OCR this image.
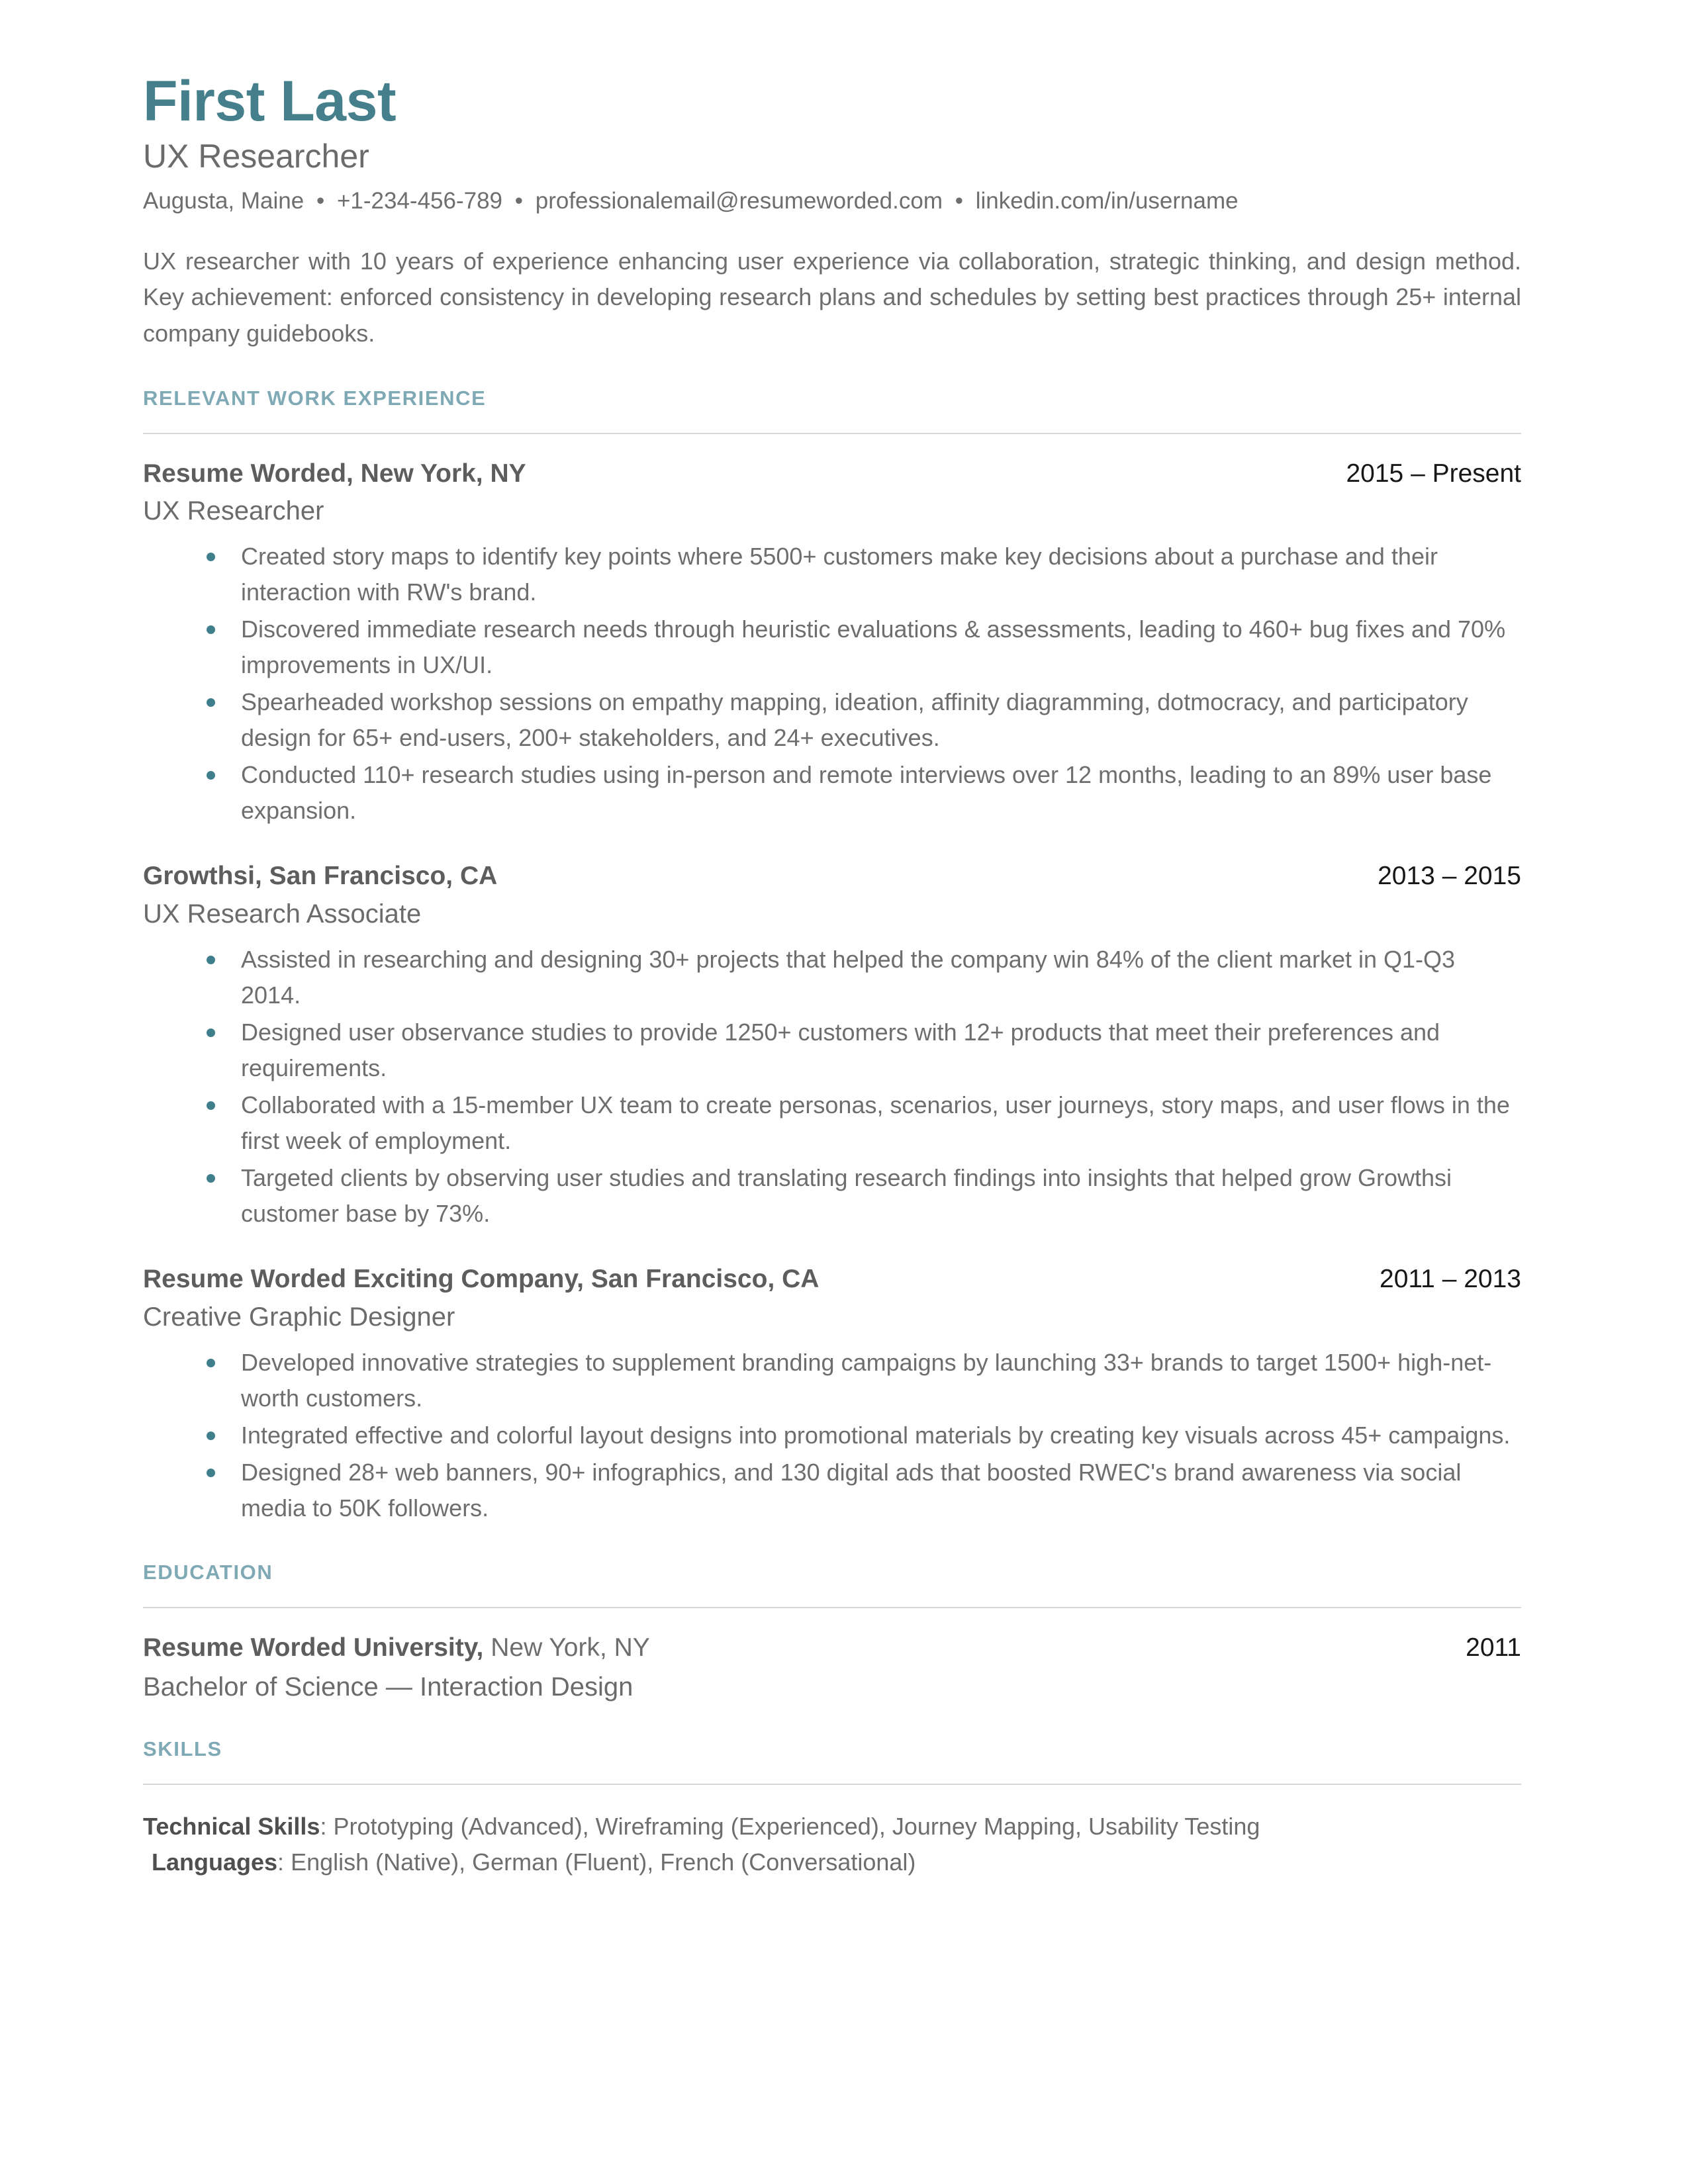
First Last
UX Researcher
Augusta, Maine • +1-234-456-789 • professionalemail@resumeworded.com • linkedin.com/in/username

UX researcher with 10 years of experience enhancing user experience via collaboration, strategic thinking, and design method. Key achievement: enforced consistency in developing research plans and schedules by setting best practices through 25+ internal company guidebooks.

RELEVANT WORK EXPERIENCE
Resume Worded, New York, NY	2015 – Present
UX Researcher
Created story maps to identify key points where 5500+ customers make key decisions about a purchase and their interaction with RW's brand.
Discovered immediate research needs through heuristic evaluations & assessments, leading to 460+ bug fixes and 70% improvements in UX/UI.
Spearheaded workshop sessions on empathy mapping, ideation, affinity diagramming, dotmocracy, and participatory design for 65+ end-users, 200+ stakeholders, and 24+ executives.
Conducted 110+ research studies using in-person and remote interviews over 12 months, leading to an 89% user base expansion.
Growthsi, San Francisco, CA	2013 – 2015
UX Research Associate
Assisted in researching and designing 30+ projects that helped the company win 84% of the client market in Q1-Q3 2014.
Designed user observance studies to provide 1250+ customers with 12+ products that meet their preferences and requirements.
Collaborated with a 15-member UX team to create personas, scenarios, user journeys, story maps, and user flows in the first week of employment.
Targeted clients by observing user studies and translating research findings into insights that helped grow Growthsi customer base by 73%.
Resume Worded Exciting Company, San Francisco, CA	2011 – 2013
Creative Graphic Designer
Developed innovative strategies to supplement branding campaigns by launching 33+ brands to target 1500+ high-net-worth customers.
Integrated effective and colorful layout designs into promotional materials by creating key visuals across 45+ campaigns.
Designed 28+ web banners, 90+ infographics, and 130 digital ads that boosted RWEC's brand awareness via social media to 50K followers.
EDUCATION
Resume Worded University, New York, NY	2011
Bachelor of Science — Interaction Design
SKILLS
Technical Skills: Prototyping (Advanced), Wireframing (Experienced), Journey Mapping, Usability Testing
Languages: English (Native), German (Fluent), French (Conversational)
